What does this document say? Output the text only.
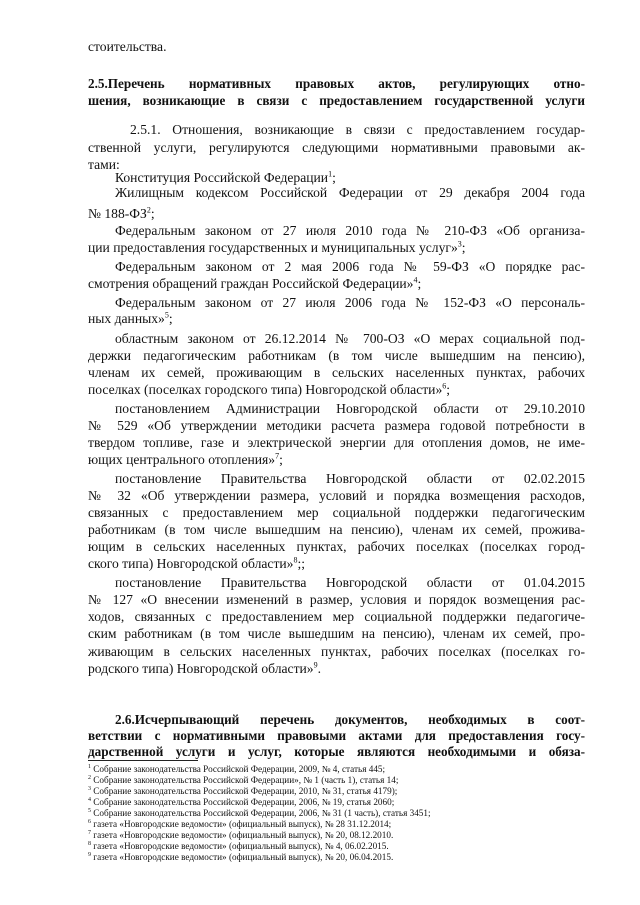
стоительства.
2.5.Перечень нормативных правовых актов, регулирующих отно-
шения, возникающие в связи с предоставлением государственной услуги
2.5.1. Отношения, возникающие в связи с предоставлением государ-
ственной услуги, регулируются следующими нормативными правовыми ак-
тами:
Конституция Российской Федерации$^1$;
Жилищным кодексом Российской Федерации от 29 декабря 2004 года
№ $188-ФЗ^2$;
Федеральным законом от 27 июля 2010 года № 210-ФЗ «Об организа-
ции предоставления государственных и муниципальных услуг»$^3$;
Федеральным законом от 2 мая 2006 года № 59-ФЗ «О порядке рас-
смотрения обращений граждан Российской Федерации»$^4$;
Федеральным законом от 27 июля 2006 года № 152-ФЗ «О персональ-
ных данных»$^5$;
областным законом от 26.12.2014 № 700-ОЗ «О мерах социальной под-
держки педагогическим работникам (в том числе вышедшим на пенсию),
членам их семей, проживающим в сельских населенных пунктах, рабочих
поселках (поселках городского типа) Новгородской области»$^6$;
постановлением Администрации Новгородской области от 29.10.2010
№ 529 «Об утверждении методики расчета размера годовой потребности в
твердом топливе, газе и электрической энергии для отопления домов, не име-
ющих центрального отопления»$^7$;
постановление Правительства Новгородской области от 02.02.2015
№ 32 «Об утверждении размера, условий и порядка возмещения расходов,
связанных с предоставлением мер социальной поддержки педагогическим
работникам (в том числе вышедшим на пенсию), членам их семей, прожива-
ющим в сельских населенных пунктах, рабочих поселках (поселках город-
ского типа) Новгородской области»$^8$;;
постановление Правительства Новгородской области от 01.04.2015
№ 127 «О внесении изменений в размер, условия и порядок возмещения рас-
ходов, связанных с предоставлением мер социальной поддержки педагогиче-
ским работникам (в том числе вышедшим на пенсию), членам их семей, про-
живающим в сельских населенных пунктах, рабочих поселках (поселках го-
родского типа) Новгородской области»$^9$.
2.6.Исчерпывающий перечень документов, необходимых в соот-
ветствии с нормативными правовыми актами для предоставления госу-
дарственной услуги и услуг, которые являются необходимыми и обяза-
$^1$ Собрание законодательства Российской Федерации, 2009, № 4, статья 445;
$^2$ Собрание законодательства Российской Федерации», № 1 (часть 1), статья 14;
$^3$ Собрание законодательства Российской Федерации, 2010, № 31, статья 4179);
$^4$ Собрание законодательства Российской Федерации, 2006, № 19, статья 2060;
$^5$ Собрание законодательства Российской Федерации, 2006, № 31 (1 часть), статья 3451;
$^6$ газета «Новгородские ведомости» (официальный выпуск), № 28 31.12.2014;
$^7$ газета «Новгородские ведомости» (официальный выпуск), № 20, 08.12.2010.
$^8$ газета «Новгородские ведомости» (официальный выпуск), № 4, 06.02.2015.
$^9$ газета «Новгородские ведомости» (официальный выпуск), № 20, 06.04.2015.
